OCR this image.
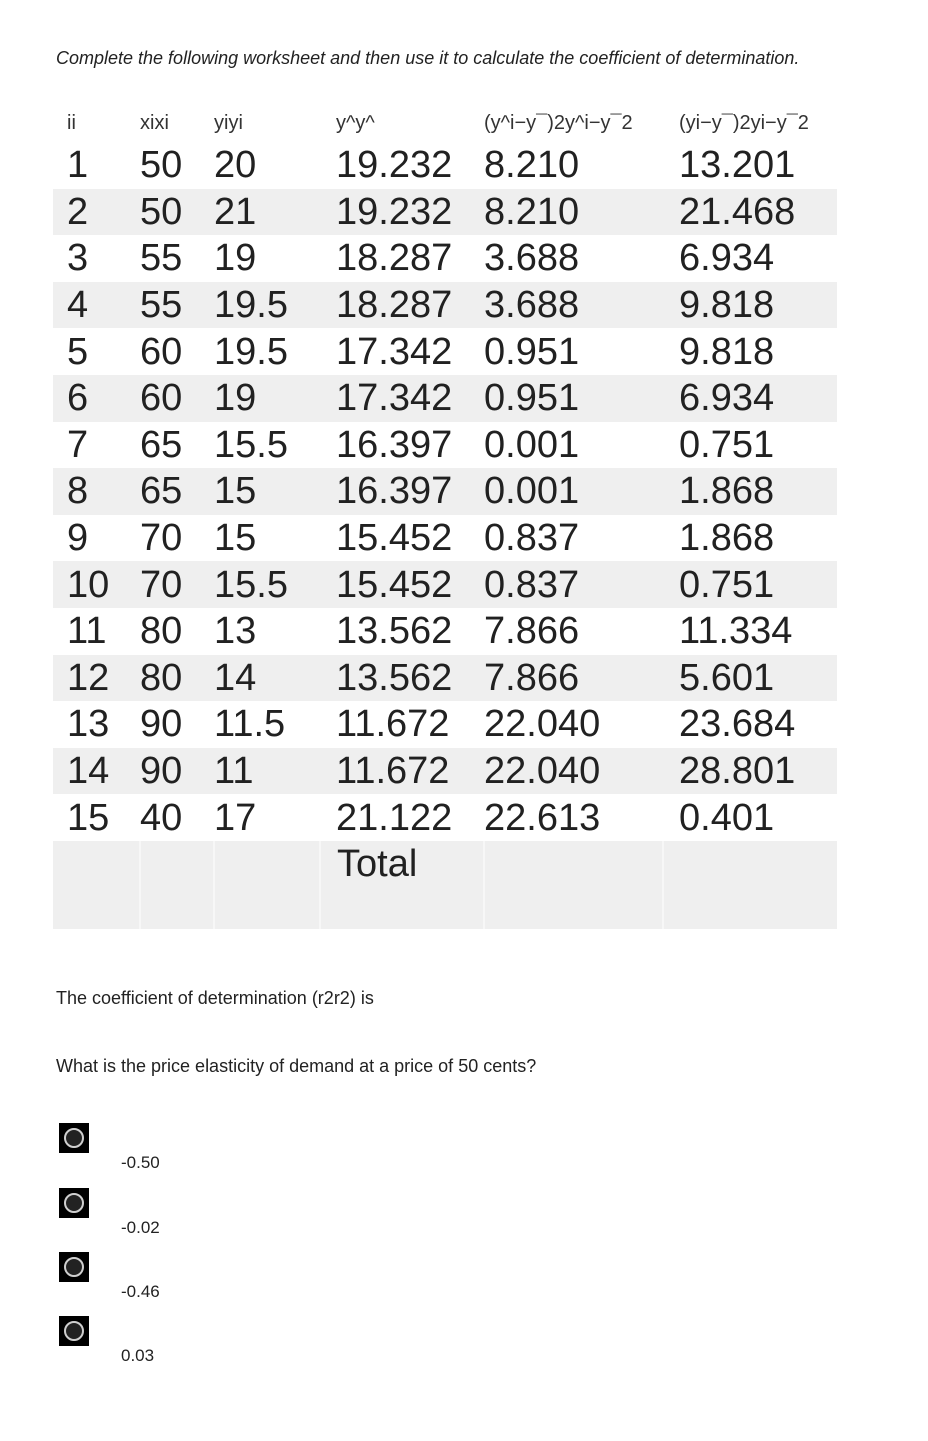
Complete the following worksheet and then use it to calculate the coefficient of determination.
ii	xixi	yiyi	y^y^	(y^i−y¯)2y^i−y¯2	(yi−y¯)2yi−y¯2
1	50	20	19.232	8.210	13.201
2	50	21	19.232	8.210	21.468
3	55	19	18.287	3.688	6.934
4	55	19.5	18.287	3.688	9.818
5	60	19.5	17.342	0.951	9.818
6	60	19	17.342	0.951	6.934
7	65	15.5	16.397	0.001	0.751
8	65	15	16.397	0.001	1.868
9	70	15	15.452	0.837	1.868
10	70	15.5	15.452	0.837	0.751
11	80	13	13.562	7.866	11.334
12	80	14	13.562	7.866	5.601
13	90	11.5	11.672	22.040	23.684
14	90	11	11.672	22.040	28.801
15	40	17	21.122	22.613	0.401
			Total		
The coefficient of determination (r2r2) is
What is the price elasticity of demand at a price of 50 cents?
-0.50
-0.02
-0.46
0.03
